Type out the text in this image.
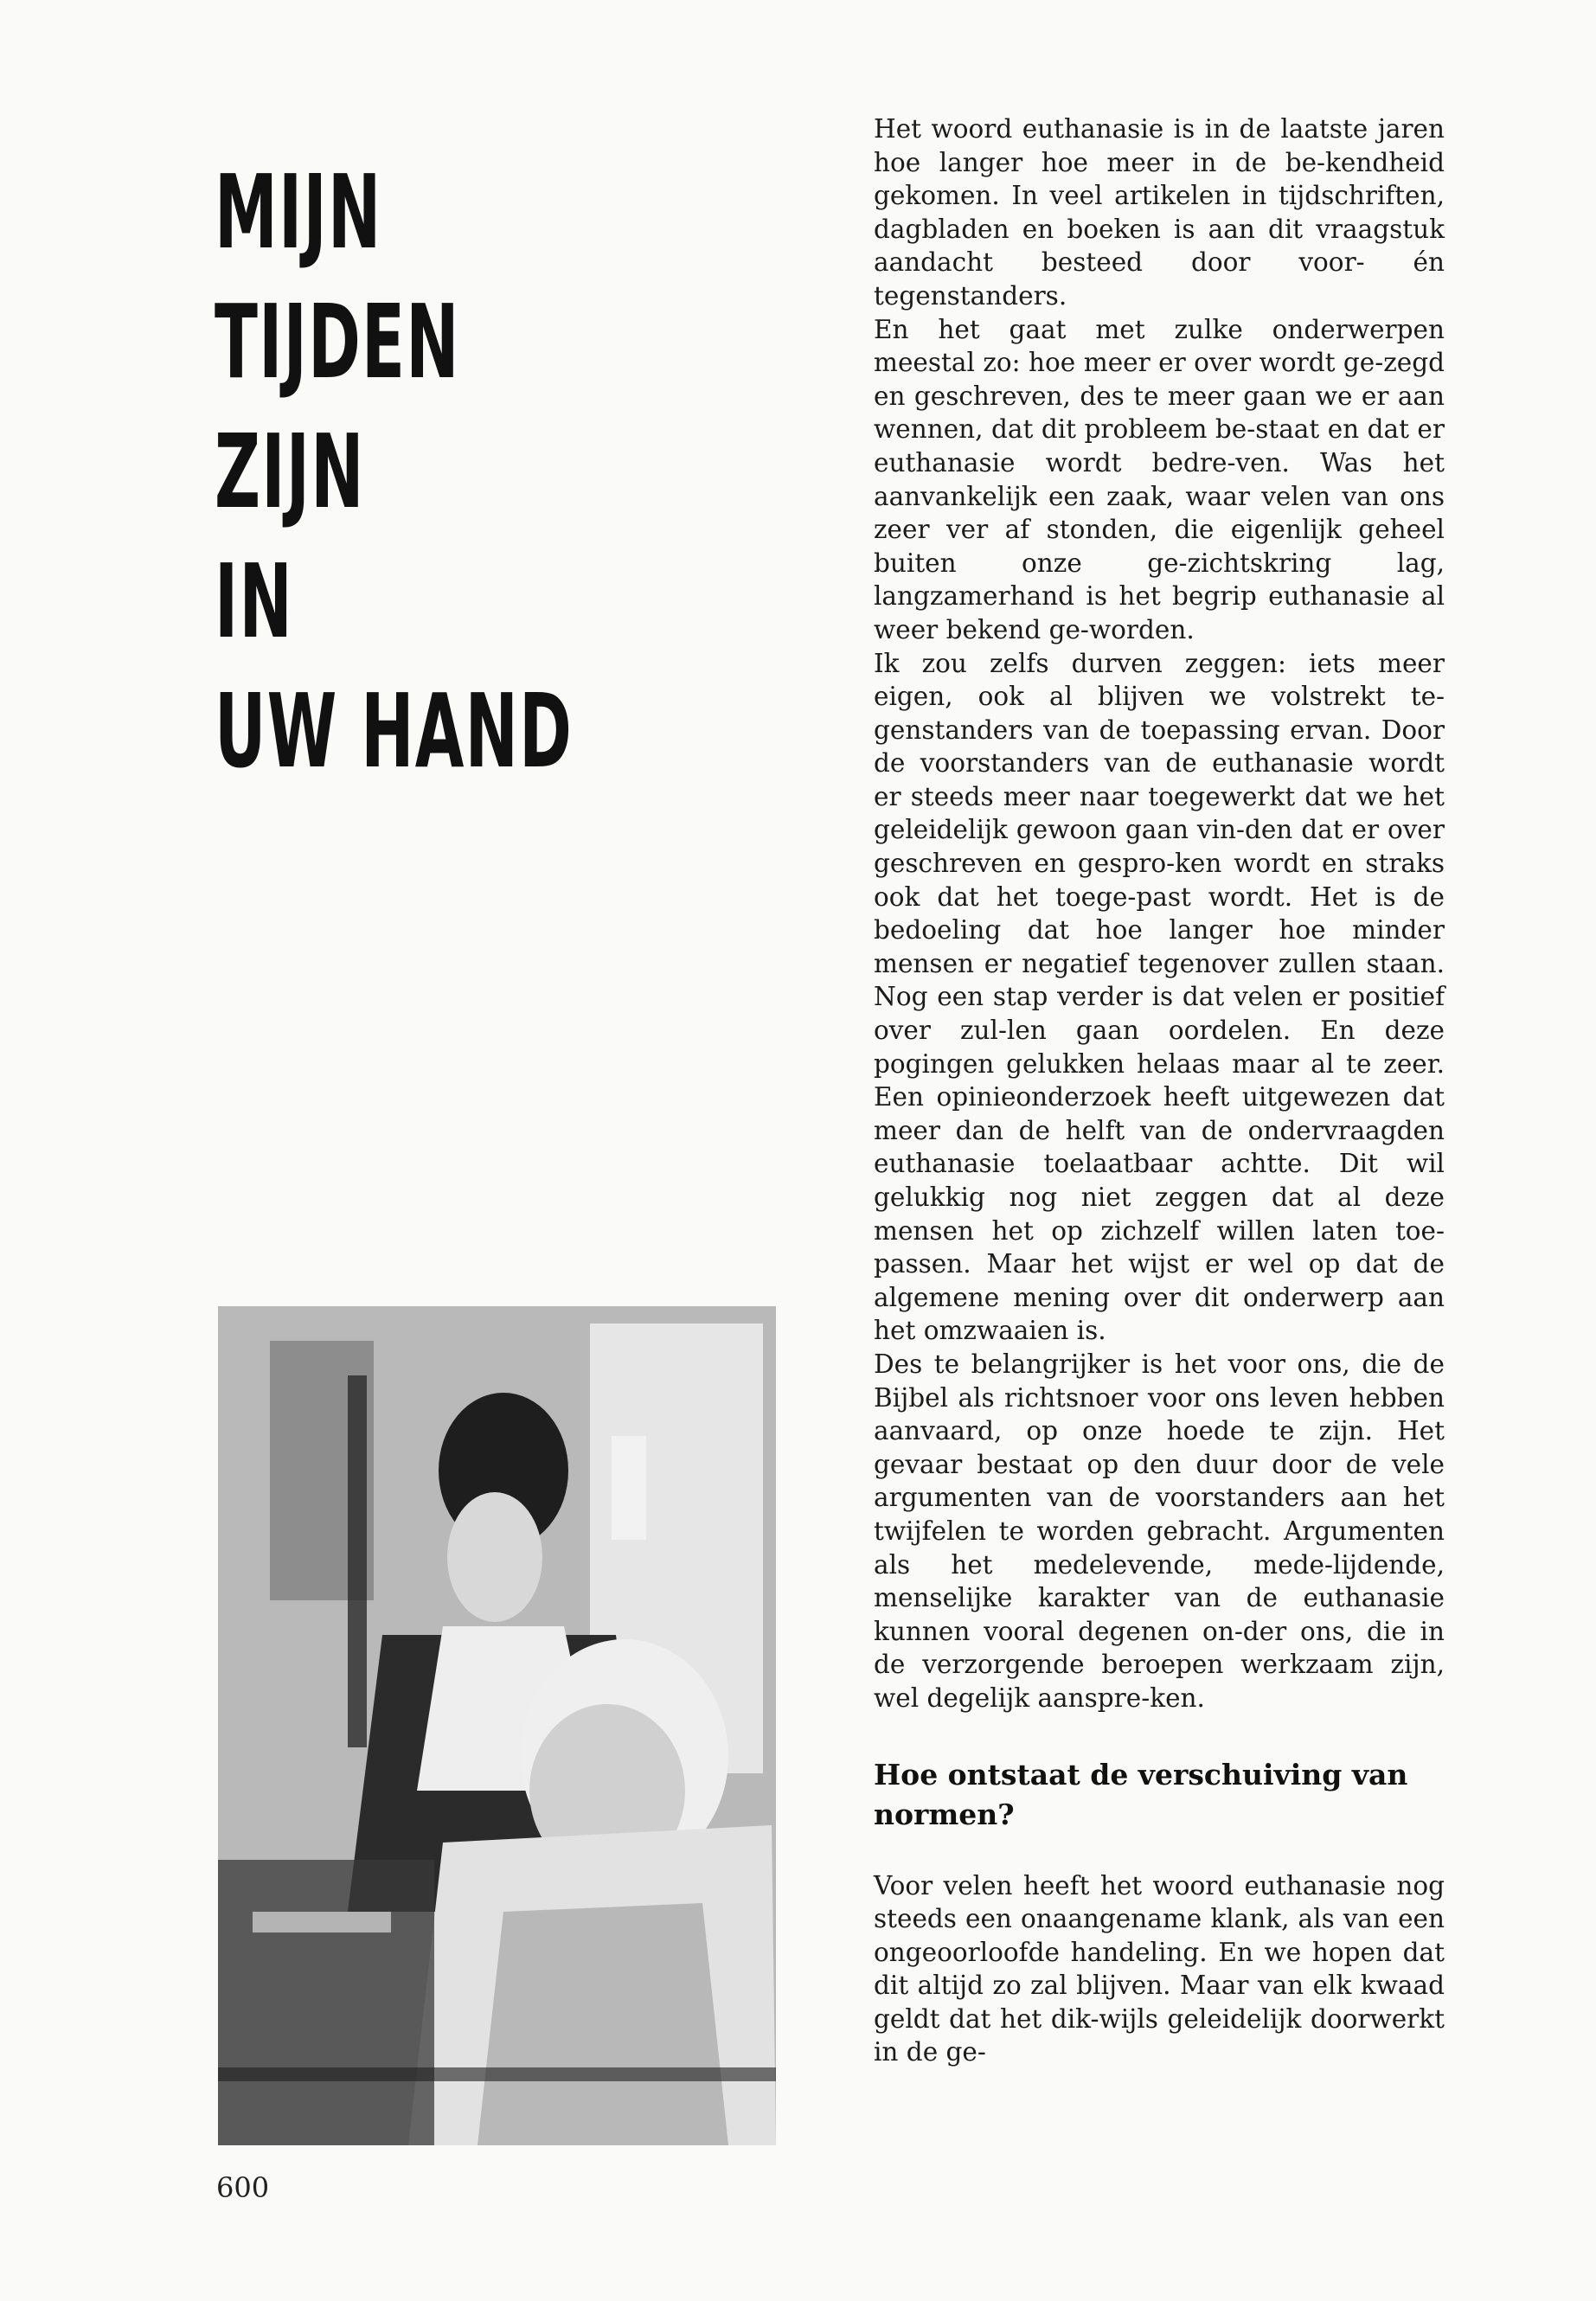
MIJN
TIJDEN
ZIJN
IN
UW HAND
600

Het woord euthanasie is in de laatste jaren hoe langer hoe meer in de be-kendheid gekomen. In veel artikelen in tijdschriften, dagbladen en boeken is aan dit vraagstuk aandacht besteed door voor- én tegenstanders.

En het gaat met zulke onderwerpen meestal zo: hoe meer er over wordt ge-zegd en geschreven, des te meer gaan we er aan wennen, dat dit probleem be-staat en dat er euthanasie wordt bedre-ven. Was het aanvankelijk een zaak, waar velen van ons zeer ver af stonden, die eigenlijk geheel buiten onze ge-zichtskring lag, langzamerhand is het begrip euthanasie al weer bekend ge-worden.

Ik zou zelfs durven zeggen: iets meer eigen, ook al blijven we volstrekt te-genstanders van de toepassing ervan. Door de voorstanders van de euthanasie wordt er steeds meer naar toegewerkt dat we het geleidelijk gewoon gaan vin-den dat er over geschreven en gespro-ken wordt en straks ook dat het toege-past wordt. Het is de bedoeling dat hoe langer hoe minder mensen er negatief tegenover zullen staan. Nog een stap verder is dat velen er positief over zul-len gaan oordelen. En deze pogingen gelukken helaas maar al te zeer. Een opinieonderzoek heeft uitgewezen dat meer dan de helft van de ondervraagden euthanasie toelaatbaar achtte. Dit wil gelukkig nog niet zeggen dat al deze mensen het op zichzelf willen laten toe-passen. Maar het wijst er wel op dat de algemene mening over dit onderwerp aan het omzwaaien is.

Des te belangrijker is het voor ons, die de Bijbel als richtsnoer voor ons leven hebben aanvaard, op onze hoede te zijn. Het gevaar bestaat op den duur door de vele argumenten van de voorstanders aan het twijfelen te worden gebracht. Argumenten als het medelevende, mede-lijdende, menselijke karakter van de euthanasie kunnen vooral degenen on-der ons, die in de verzorgende beroepen werkzaam zijn, wel degelijk aanspre-ken.

Hoe ontstaat de verschuiving van normen?

Voor velen heeft het woord euthanasie nog steeds een onaangename klank, als van een ongeoorloofde handeling. En we hopen dat dit altijd zo zal blijven. Maar van elk kwaad geldt dat het dik-wijls geleidelijk doorwerkt in de ge-
